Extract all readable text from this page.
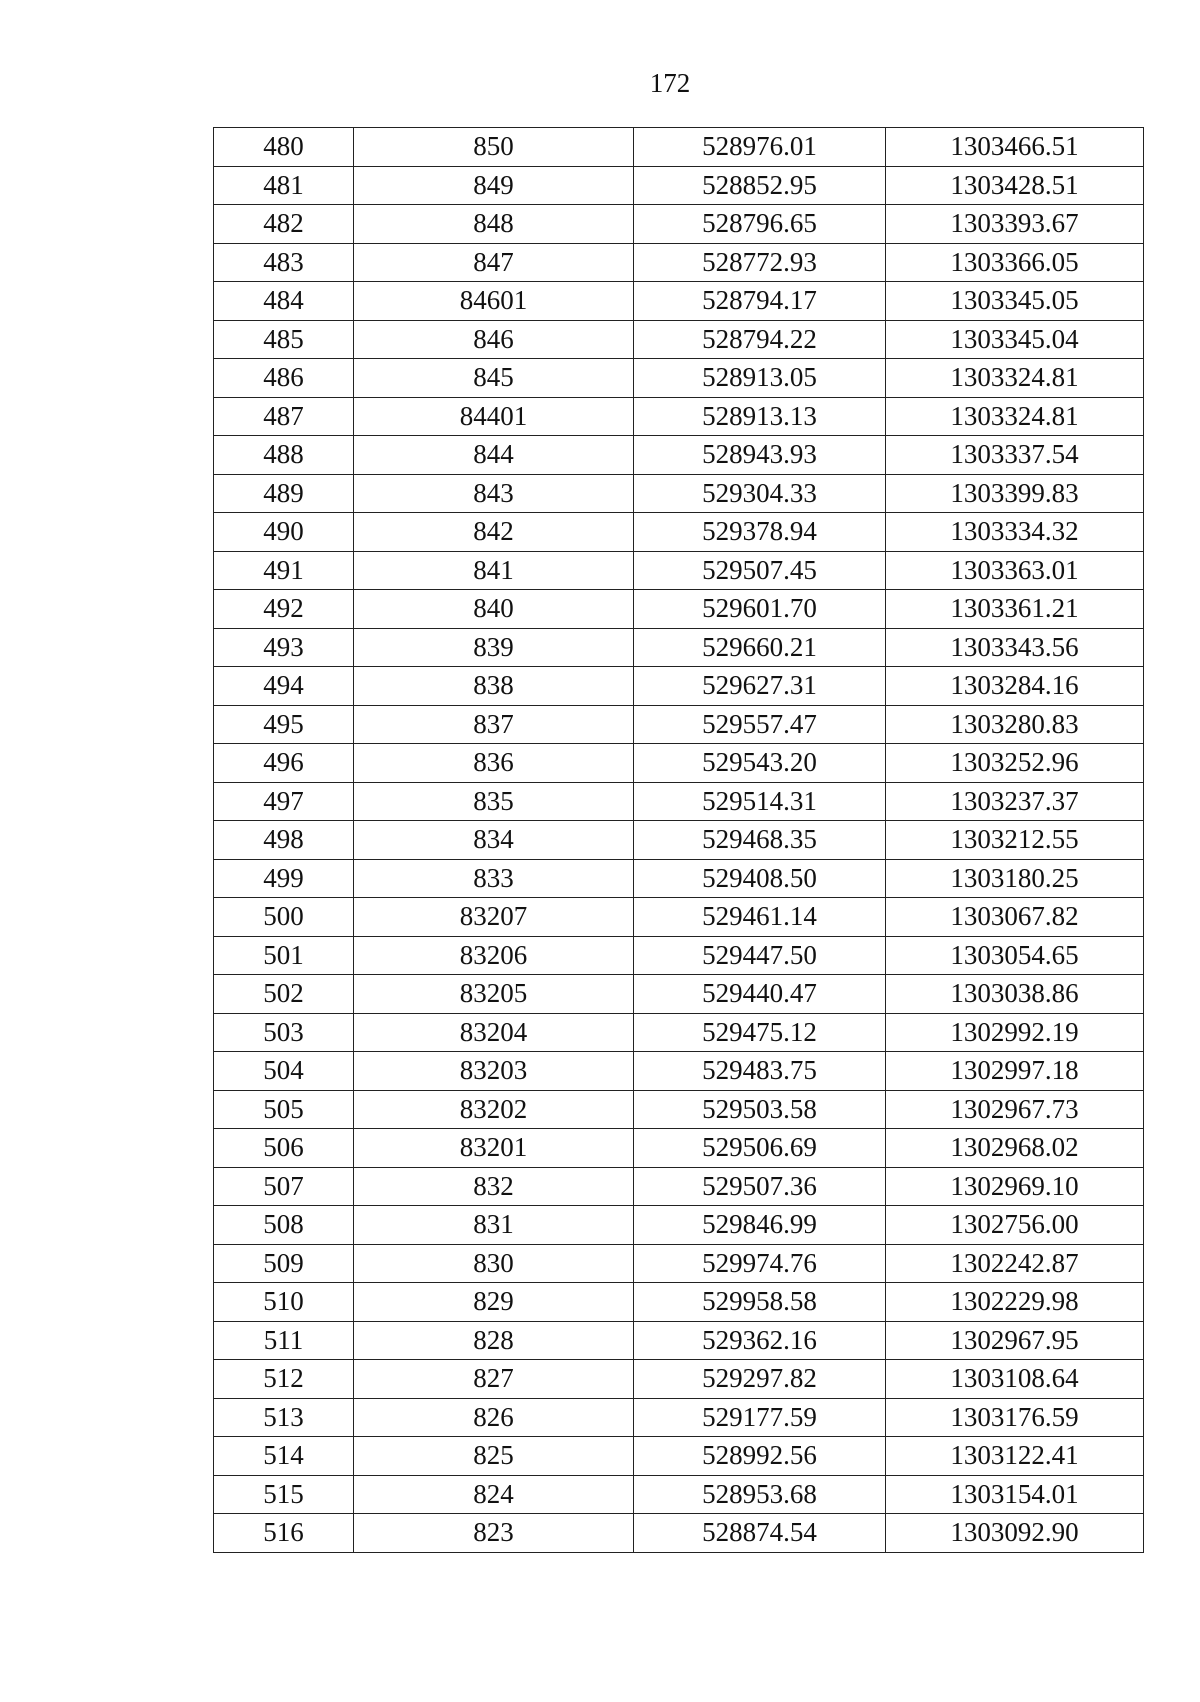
172
480	850	528976.01	1303466.51
481	849	528852.95	1303428.51
482	848	528796.65	1303393.67
483	847	528772.93	1303366.05
484	84601	528794.17	1303345.05
485	846	528794.22	1303345.04
486	845	528913.05	1303324.81
487	84401	528913.13	1303324.81
488	844	528943.93	1303337.54
489	843	529304.33	1303399.83
490	842	529378.94	1303334.32
491	841	529507.45	1303363.01
492	840	529601.70	1303361.21
493	839	529660.21	1303343.56
494	838	529627.31	1303284.16
495	837	529557.47	1303280.83
496	836	529543.20	1303252.96
497	835	529514.31	1303237.37
498	834	529468.35	1303212.55
499	833	529408.50	1303180.25
500	83207	529461.14	1303067.82
501	83206	529447.50	1303054.65
502	83205	529440.47	1303038.86
503	83204	529475.12	1302992.19
504	83203	529483.75	1302997.18
505	83202	529503.58	1302967.73
506	83201	529506.69	1302968.02
507	832	529507.36	1302969.10
508	831	529846.99	1302756.00
509	830	529974.76	1302242.87
510	829	529958.58	1302229.98
511	828	529362.16	1302967.95
512	827	529297.82	1303108.64
513	826	529177.59	1303176.59
514	825	528992.56	1303122.41
515	824	528953.68	1303154.01
516	823	528874.54	1303092.90
